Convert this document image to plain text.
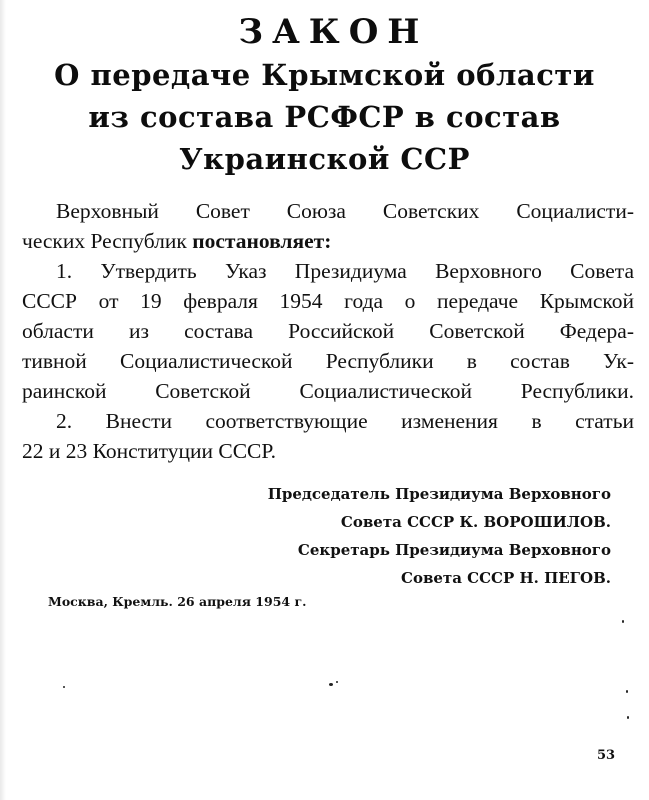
ЗАКОН
О передаче Крымской области
из состава РСФСР в состав
Украинской ССР
Верховный Совет Союза Советских Социалисти-
ческих Республик постановляет:
1. Утвердить Указ Президиума Верховного Совета
СССР от 19 февраля 1954 года о передаче Крымской
области из состава Российской Советской Федера-
тивной Социалистической Республики в состав Ук-
раинской Советской Социалистической Республики.
2. Внести соответствующие изменения в статьи
22 и 23 Конституции СССР.
Председатель Президиума Верховного
Совета СССР К. ВОРОШИЛОВ.
Секретарь Президиума Верховного
Совета СССР Н. ПЕГОВ.
Москва, Кремль. 26 апреля 1954 г.
53
